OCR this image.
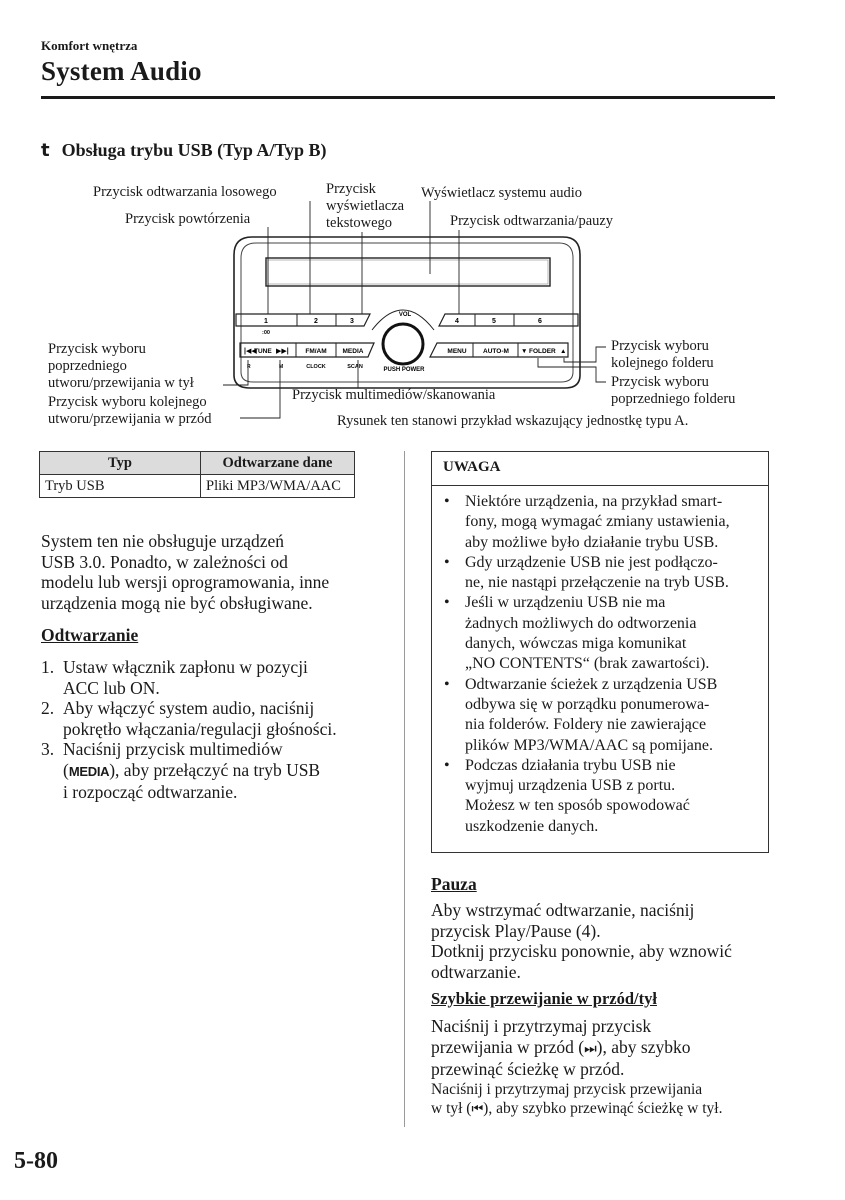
Komfort wnętrza
System Audio
t Obsługa trybu USB (Typ A/Typ B)
Przycisk odtwarzania losowego
Przycisk powtórzenia
Przycisk
wyświetlacza
tekstowego
Wyświetlacz systemu audio
Przycisk odtwarzania/pauzy
Przycisk wyboru
poprzedniego
utworu/przewijania w tył
Przycisk wyboru kolejnego
utworu/przewijania w przód
Przycisk multimediów/skanowania
Przycisk wyboru
kolejnego folderu
Przycisk wyboru
poprzedniego folderu
Rysunek ten stanowi przykład wskazujący jednostkę typu A.
1	2	3	4	5	6
:00
VOL
PUSH POWER
|◀◀
TUNE ▶▶|	FM/AM MEDIA
CLOCK	SCAN
R	M
MENU	AUTO-M ▼ FOLDER ▲
Typ	Odtwarzane dane
Tryb USB	Pliki MP3/WMA/AAC
System ten nie obsługuje urządzeń
USB 3.0. Ponadto, w zależności od
modelu lub wersji oprogramowania, inne
urządzenia mogą nie być obsługiwane.
Odtwarzanie
1. Ustaw włącznik zapłonu w pozycji
ACC lub ON.
2. Aby włączyć system audio, naciśnij
pokrętło włączania/regulacji głośności.
3. Naciśnij przycisk multimediów
(MEDIA), aby przełączyć na tryb USB
i rozpocząć odtwarzanie.
UWAGA
• Niektóre urządzenia, na przykład smart-
fony, mogą wymagać zmiany ustawienia,
aby możliwe było działanie trybu USB.
• Gdy urządzenie USB nie jest podłączo-
ne, nie nastąpi przełączenie na tryb USB.
• Jeśli w urządzeniu USB nie ma
żadnych możliwych do odtworzenia
danych, wówczas miga komunikat
„NO CONTENTS“ (brak zawartości).
• Odtwarzanie ścieżek z urządzenia USB
odbywa się w porządku ponumerowa-
nia folderów. Foldery nie zawierające
plików MP3/WMA/AAC są pomijane.
• Podczas działania trybu USB nie
wyjmuj urządzenia USB z portu.
Możesz w ten sposób spowodować
uszkodzenie danych.
Pauza
Aby wstrzymać odtwarzanie, naciśnij
przycisk Play/Pause (4).
Dotknij przycisku ponownie, aby wznowić
odtwarzanie.
Szybkie przewijanie w przód/tył
Naciśnij i przytrzymaj przycisk
przewijania w przód (⏭), aby szybko
przewinąć ścieżkę w przód.
Naciśnij i przytrzymaj przycisk przewijania
w tył (⏮), aby szybko przewinąć ścieżkę w tył.
5-80
